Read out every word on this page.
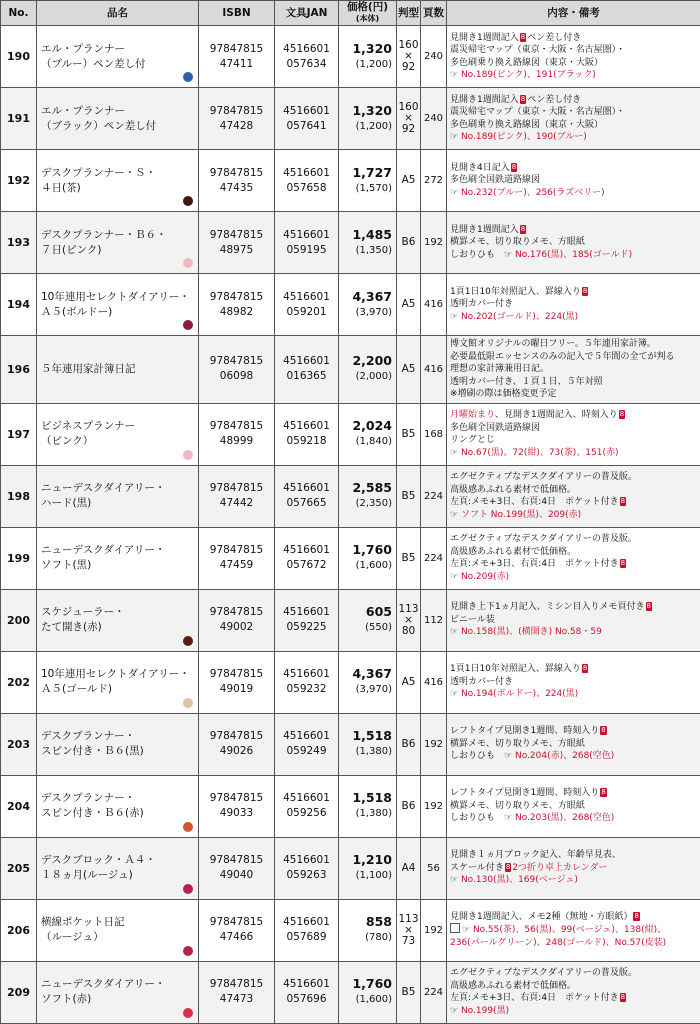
No.	品名	ISBN	文具JAN	価格(円)
(本体)	判型	頁数	内容・備考
190	エル・プランナー
（ブルー）ペン差し付	97847815
47411	4516601
057634	1,320
(1,200)	160
×
92	240	見開き1週間記入 8 ペン差し付き
震災帰宅マップ（東京・大阪・名古屋圏）・
多色刷乗り換え路線図（東京・大阪）
☞ No.189(ピンク)、191(ブラック)

191	エル・プランナー
（ブラック）ペン差し付	97847815
47428	4516601
057641	1,320
(1,200)	160
×
92	240	見開き1週間記入 8 ペン差し付き
震災帰宅マップ（東京・大阪・名古屋圏）・
多色刷乗り換え路線図（東京・大阪）
☞ No.189(ピンク)、190(ブルー)

192	デスクプランナー・Ｓ・
４日(茶)	97847815
47435	4516601
057658	1,727
(1,570)	A5	272	見開き4日記入 8
多色刷全国鉄道路線図
☞ No.232(ブルー)、256(ラズベリー)

193	デスクプランナー・Ｂ６・
７日(ピンク)	97847815
48975	4516601
059195	1,485
(1,350)	B6	192	見開き1週間記入 8
横罫メモ、切り取りメモ、方眼紙
しおりひも　 ☞ No.176(黒)、185(ゴールド)

194	10年連用セレクトダイアリー・
Ａ５(ボルドー)	97847815
48982	4516601
059201	4,367
(3,970)	A5	416	1頁1日10年対照記入、罫線入り 8
透明カバー付き
☞ No.202(ゴールド)、224(黒)

196	５年連用家計簿日記	97847815
06098	4516601
016365	2,200
(2,000)	A5	416	博文館オリジナルの曜日フリー。５年連用家計簿。
必要最低限エッセンスのみの記入で５年間の全てが判る
理想の家計簿兼用日記。
透明カバー付き、１頁１日、５年対照
※増刷の際は価格変更予定

197	ビジネスプランナー
（ピンク）	97847815
48999	4516601
059218	2,024
(1,840)	B5	168	月曜始まり、見開き1週間記入、時刻入り 8
多色刷全国鉄道路線図
リングとじ
☞ No.67(黒)、72(紺)、73(茶)、151(赤)

198	ニューデスクダイアリー・
ハード(黒)	97847815
47442	4516601
057665	2,585
(2,350)	B5	224	エグゼクティブなデスクダイアリーの普及版。
高級感あふれる素材で低価格。
左頁:メモ+3日、右頁:4日　ポケット付き 8
☞ ソフト No.199(黒)、209(赤)

199	ニューデスクダイアリー・
ソフト(黒)	97847815
47459	4516601
057672	1,760
(1,600)	B5	224	エグゼクティブなデスクダイアリーの普及版。
高級感あふれる素材で低価格。
左頁:メモ+3日、右頁:4日　ポケット付き 8
☞ No.209(赤)

200	スケジューラー・
たて開き(赤)	97847815
49002	4516601
059225	605
(550)	113
×
80	112	見開き上下1ヵ月記入、ミシン目入りメモ頁付き 8
ビニール装
☞ No.158(黒)、(横開き) No.58・59

202	10年連用セレクトダイアリー・
Ａ５(ゴールド)	97847815
49019	4516601
059232	4,367
(3,970)	A5	416	1頁1日10年対照記入、罫線入り 8
透明カバー付き
☞ No.194(ボルドー)、224(黒)

203	デスクプランナー・
スピン付き・Ｂ６(黒)	97847815
49026	4516601
059249	1,518
(1,380)	B6	192	レフトタイプ見開き1週間、時刻入り 8
横罫メモ、切り取りメモ、方眼紙
しおりひも　 ☞ No.204(赤)、268(空色)

204	デスクプランナー・
スピン付き・Ｂ６(赤)	97847815
49033	4516601
059256	1,518
(1,380)	B6	192	レフトタイプ見開き1週間、時刻入り 8
横罫メモ、切り取りメモ、方眼紙
しおりひも　 ☞ No.203(黒)、268(空色)

205	デスクブロック・Ａ４・
１８ヵ月(ルージュ)	97847815
49040	4516601
059263	1,210
(1,100)	A4	56	見開き１ヵ月ブロック記入、年齢早見表、
スケール付き 8 2つ折り卓上カレンダー
☞ No.130(黒)、169(ベージュ)

206	横線ポケット日記
（ルージュ）	97847815
47466	4516601
057689	858
(780)	113
×
73	192	見開き1週間記入、メモ2種（無地・方眼紙） 8
☞ No.55(茶)、56(黒)、99(ベージュ)、138(紺)、
236(パールグリーン)、248(ゴールド)、No.57(皮装)

209	ニューデスクダイアリー・
ソフト(赤)	97847815
47473	4516601
057696	1,760
(1,600)	B5	224	エグゼクティブなデスクダイアリーの普及版。
高級感あふれる素材で低価格。
左頁:メモ+3日、右頁:4日　ポケット付き 8
☞ No.199(黒)
